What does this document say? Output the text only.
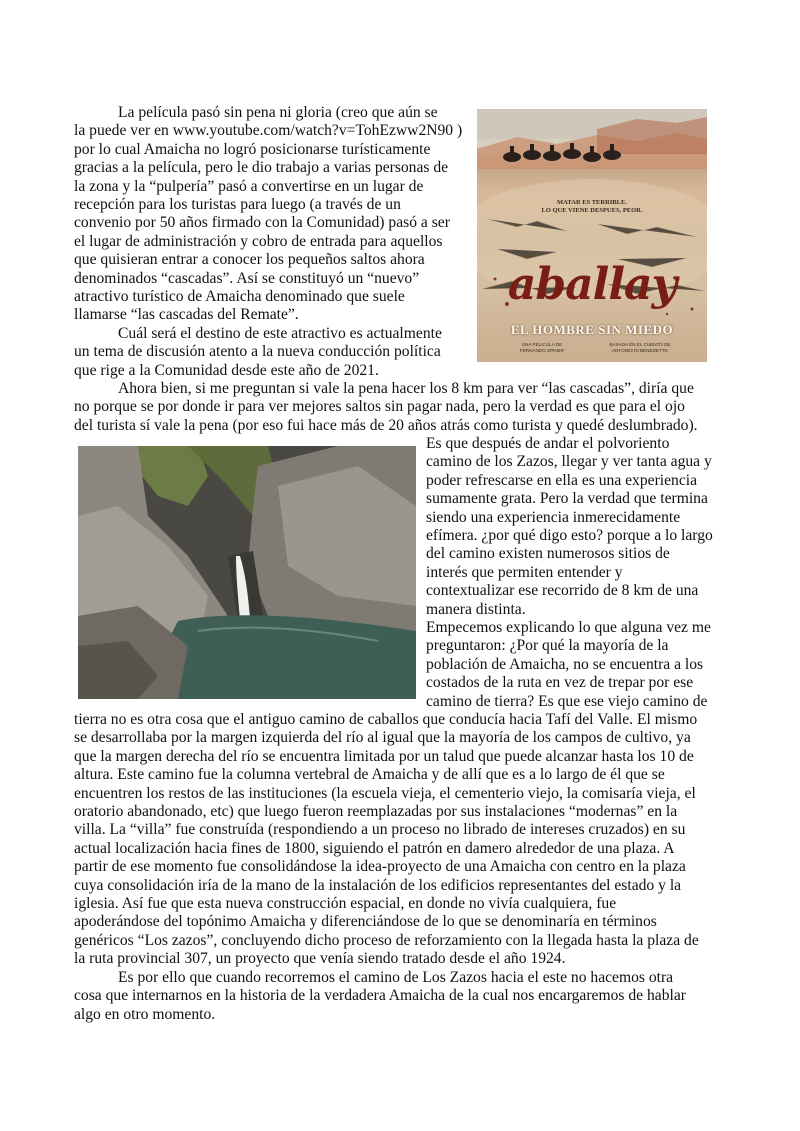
La película pasó sin pena ni gloria (creo que aún se
la puede ver en www.youtube.com/watch?v=TohEzww2N90 )
por lo cual Amaicha no logró posicionarse turísticamente
gracias a la película, pero le dio trabajo a varias personas de
la zona y la “pulpería” pasó a convertirse en un lugar de
recepción para los turistas para luego (a través de un
convenio por 50 años firmado con la Comunidad) pasó a ser
el lugar de administración y cobro de entrada para aquellos
que quisieran entrar a conocer los pequeños saltos ahora
denominados “cascadas”. Así se constituyó un “nuevo”
atractivo turístico de Amaicha denominado que suele
llamarse “las cascadas del Remate”.
Cuál será el destino de este atractivo es actualmente
un tema de discusión atento a la nueva conducción política
que rige a la Comunidad desde este año de 2021.
MATAR ES TERRIBLE.
LO QUE VIENE DESPUES, PEOR.
aballay
EL HOMBRE SIN MIEDO
UNA PELICULA DE
FERNANDO SPINER
BASADA EN EL CUENTO DE
ANTONIO DI BENEDETTO
Ahora bien, si me preguntan si vale la pena hacer los 8 km para ver “las cascadas”, diría que
no porque se por donde ir para ver mejores saltos sin pagar nada, pero la verdad es que para el ojo
del turista sí vale la pena (por eso fui hace más de 20 años atrás como turista y quedé deslumbrado).
Es que después de andar el polvoriento
camino de los Zazos, llegar y ver tanta agua y
poder refrescarse en ella es una experiencia
sumamente grata. Pero la verdad que termina
siendo una experiencia inmerecidamente
efímera. ¿por qué digo esto? porque a lo largo
del camino existen numerosos sitios de
interés que permiten entender y
contextualizar ese recorrido de 8 km de una
manera distinta.
Empecemos explicando lo que alguna vez me
preguntaron: ¿Por qué la mayoría de la
población de Amaicha, no se encuentra a los
costados de la ruta en vez de trepar por ese
camino de tierra? Es que ese viejo camino de
tierra no es otra cosa que el antiguo camino de caballos que conducía hacia Tafí del Valle. El mismo
se desarrollaba por la margen izquierda del río al igual que la mayoría de los campos de cultivo, ya
que la margen derecha del río se encuentra limitada por un talud que puede alcanzar hasta los 10 de
altura. Este camino fue la columna vertebral de Amaicha y de allí que es a lo largo de él que se
encuentren los restos de las instituciones (la escuela vieja, el cementerio viejo, la comisaría vieja, el
oratorio abandonado, etc) que luego fueron reemplazadas por sus instalaciones “modernas” en la
villa. La “villa” fue construída (respondiendo a un proceso no librado de intereses cruzados) en su
actual localización hacia fines de 1800, siguiendo el patrón en damero alrededor de una plaza. A
partir de ese momento fue consolidándose la idea-proyecto de una Amaicha con centro en la plaza
cuya consolidación iría de la mano de la instalación de los edificios representantes del estado y la
iglesia. Así fue que esta nueva construcción espacial, en donde no vivía cualquiera, fue
apoderándose del topónimo Amaicha y diferenciándose de lo que se denominaría en términos
genéricos “Los zazos”, concluyendo dicho proceso de reforzamiento con la llegada hasta la plaza de
la ruta provincial 307, un proyecto que venía siendo tratado desde el año 1924.
Es por ello que cuando recorremos el camino de Los Zazos hacia el este no hacemos otra
cosa que internarnos en la historia de la verdadera Amaicha de la cual nos encargaremos de hablar
algo en otro momento.
